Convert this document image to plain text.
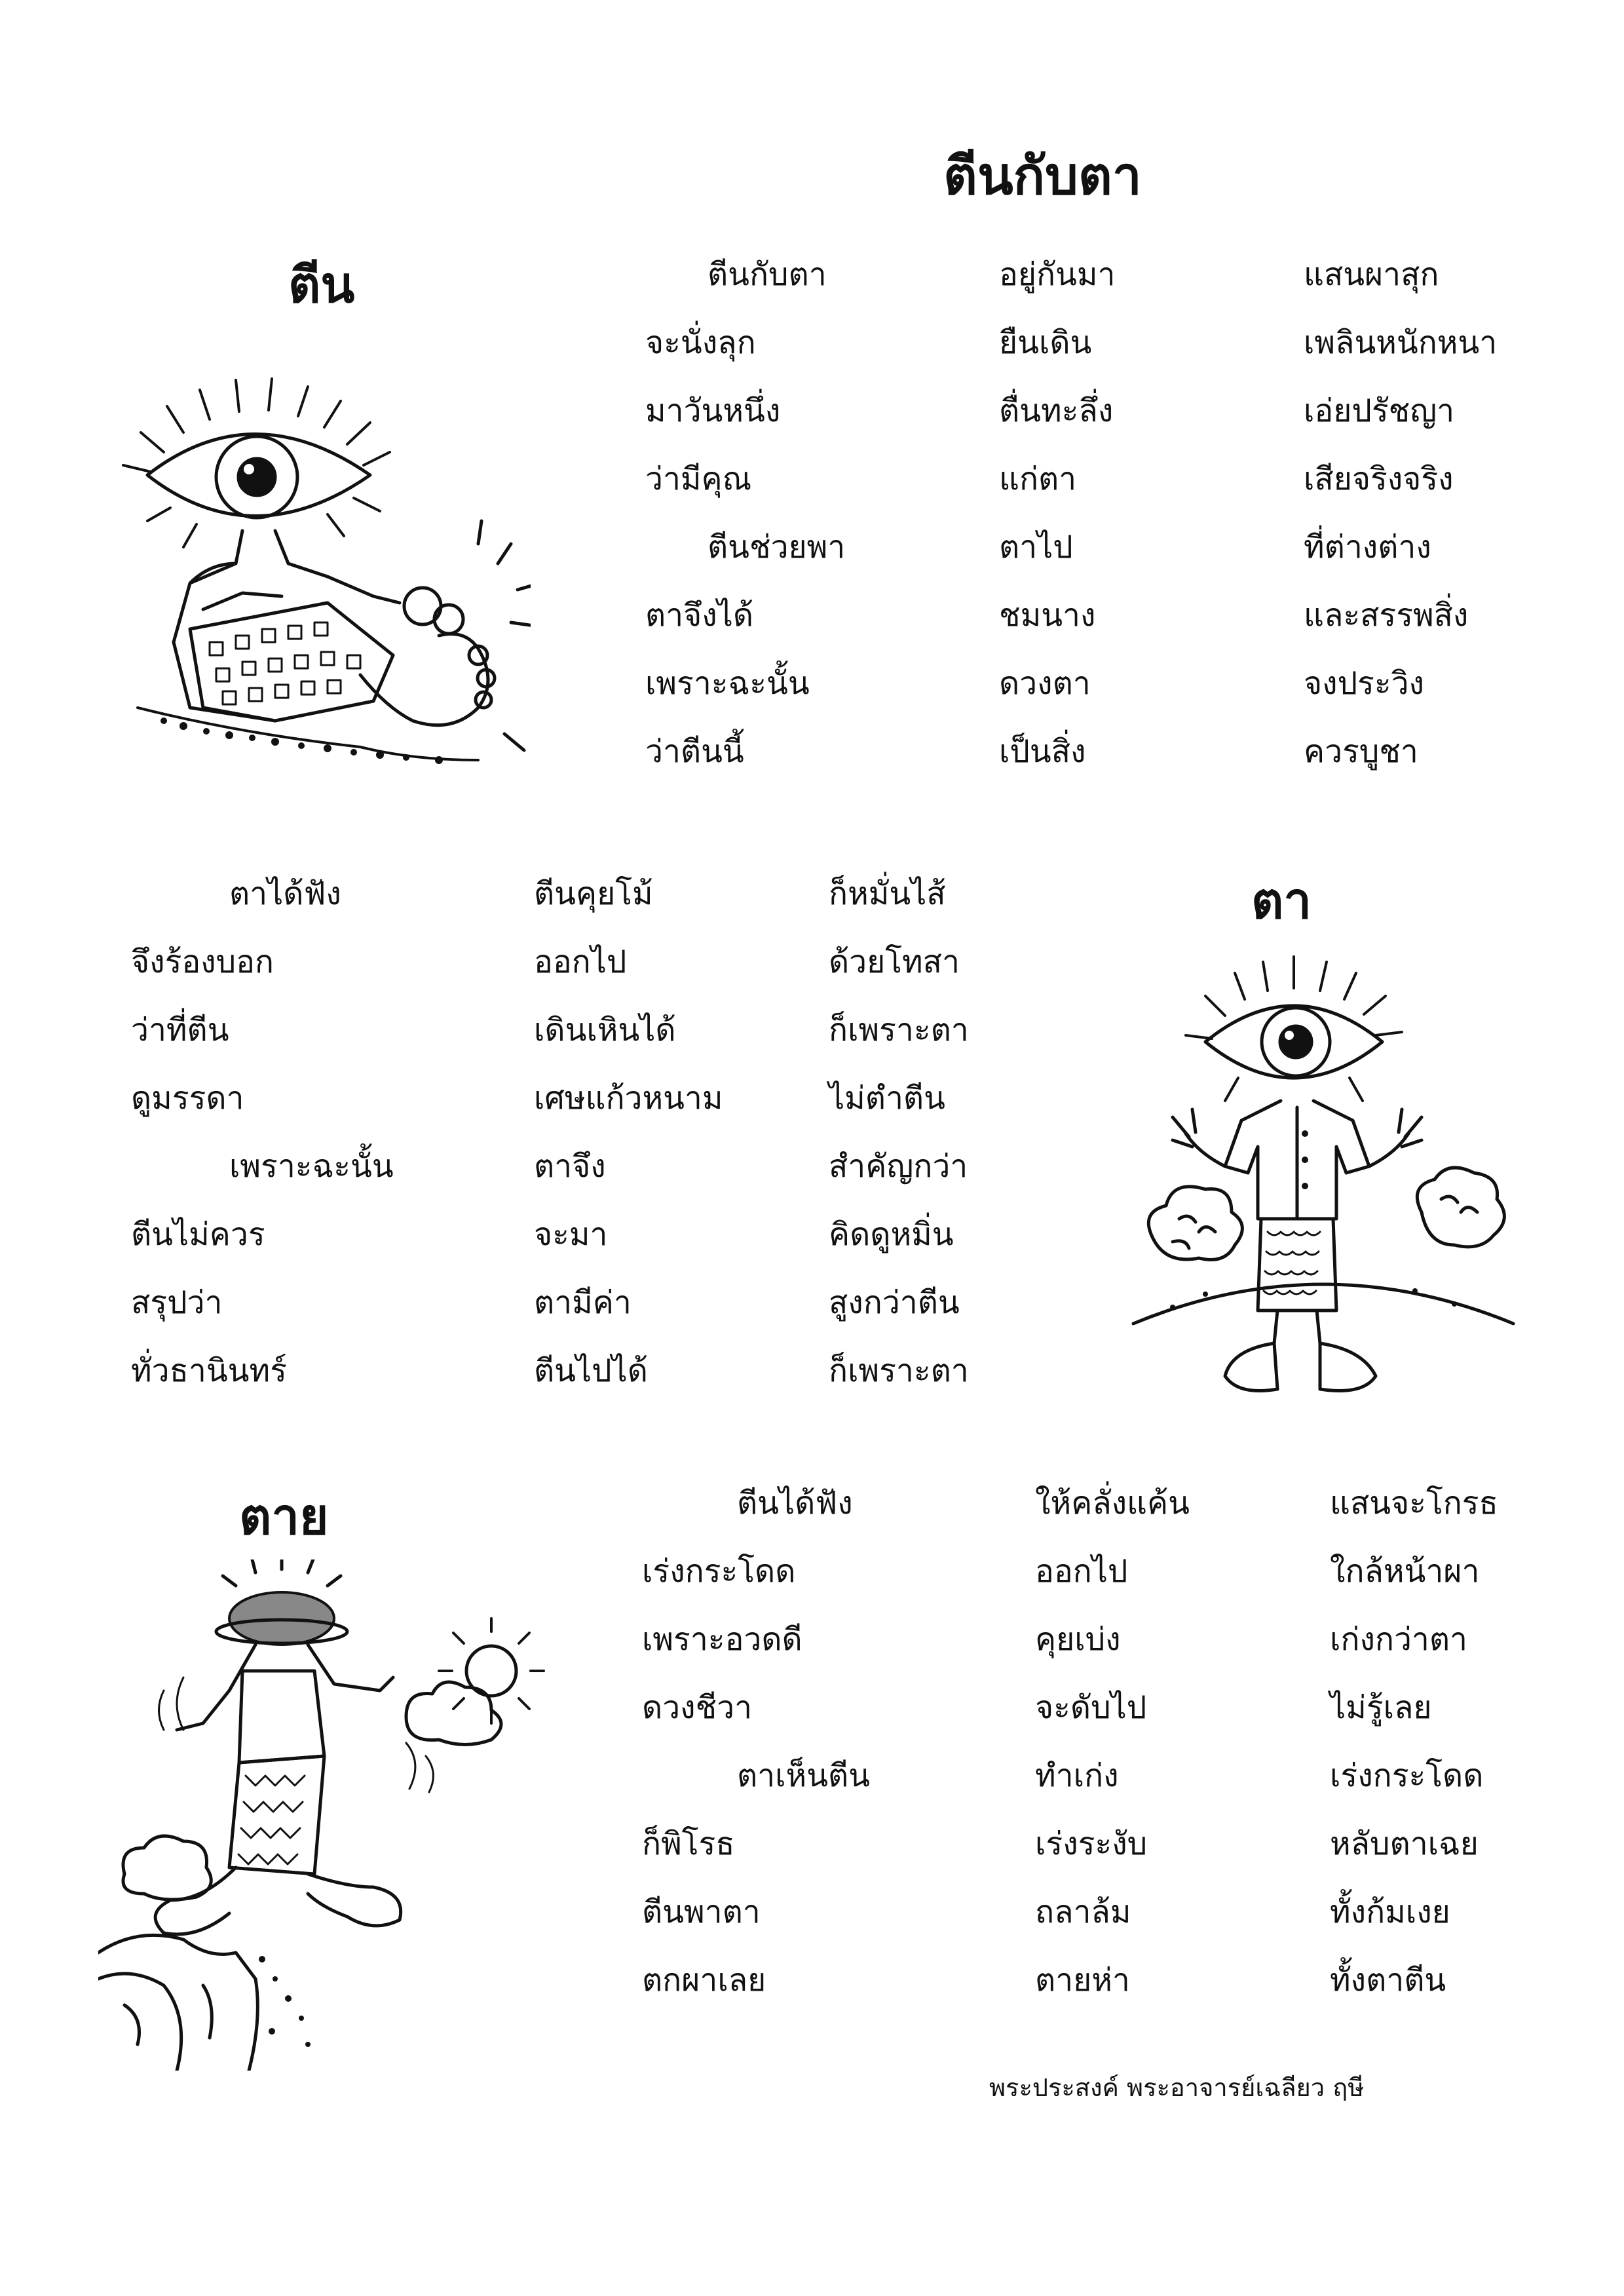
ตีนกับตา
ตีน
ตา
ตาย
ตีนกับตา	อยู่กันมา	แสนผาสุก
จะนั่งลุก	ยืนเดิน	เพลินหนักหนา
มาวันหนึ่ง	ตื่นทะลึ่ง	เอ่ยปรัชญา
ว่ามีคุณ	แก่ตา	เสียจริงจริง
ตีนช่วยพา	ตาไป	ที่ต่างต่าง
ตาจึงได้	ชมนาง	และสรรพสิ่ง
เพราะฉะนั้น	ดวงตา	จงประวิง
ว่าตีนนี้	เป็นสิ่ง	ควรบูชา
ตาได้ฟัง	ตีนคุยโม้	ก็หมั่นไส้
จึงร้องบอก	ออกไป	ด้วยโทสา
ว่าที่ตีน	เดินเหินได้	ก็เพราะตา
ดูมรรดา	เศษแก้วหนาม	ไม่ตำตีน
เพราะฉะนั้น	ตาจึง	สำคัญกว่า
ตีนไม่ควร	จะมา	คิดดูหมิ่น
สรุปว่า	ตามีค่า	สูงกว่าตีน
ทั่วธานินทร์	ตีนไปได้	ก็เพราะตา
ตีนได้ฟัง	ให้คลั่งแค้น	แสนจะโกรธ
เร่งกระโดด	ออกไป	ใกล้หน้าผา
เพราะอวดดี	คุยเบ่ง	เก่งกว่าตา
ดวงชีวา	จะดับไป	ไม่รู้เลย
ตาเห็นตีน	ทำเก่ง	เร่งกระโดด
ก็พิโรธ	เร่งระงับ	หลับตาเฉย
ตีนพาตา	ถลาล้ม	ทั้งก้มเงย
ตกผาเลย	ตายห่า	ทั้งตาตีน
พระประสงค์ พระอาจารย์เฉลียว ฤษี
